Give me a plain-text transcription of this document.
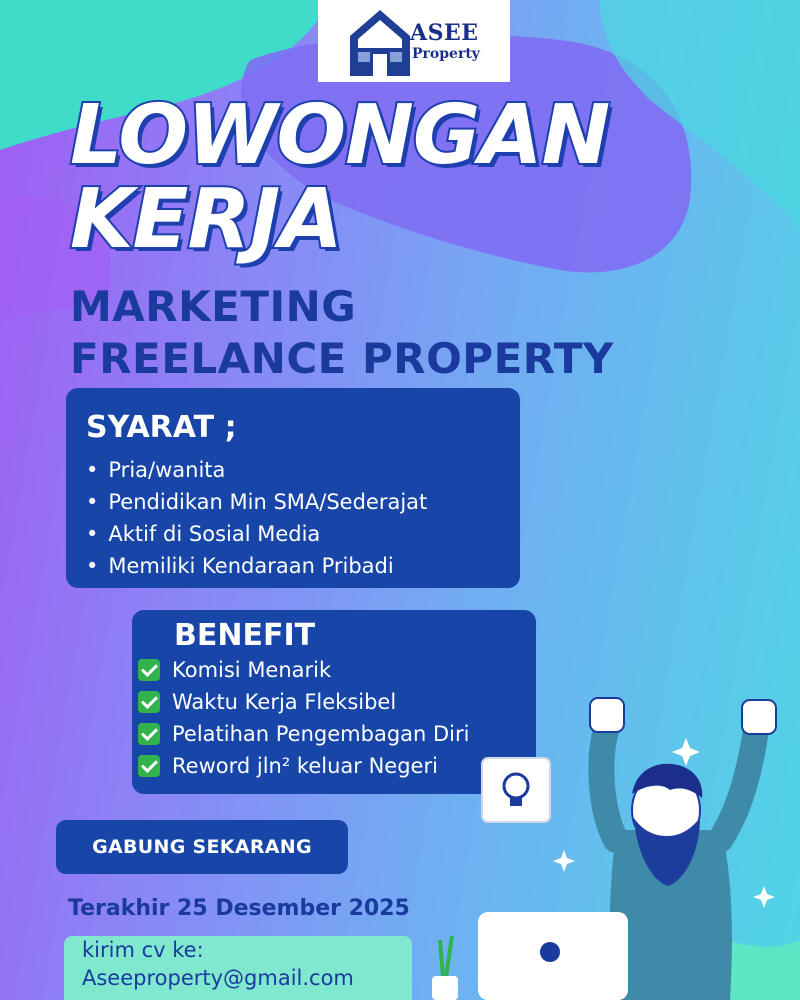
ASEE
Property
LOWONGAN
KERJA
MARKETING
FREELANCE PROPERTY
SYARAT ;
• Pria/wanita
• Pendidikan Min SMA/Sederajat
• Aktif di Sosial Media
• Memiliki Kendaraan Pribadi
BENEFIT
Komisi Menarik
Waktu Kerja Fleksibel
Pelatihan Pengembagan Diri
Reword jln² keluar Negeri
GABUNG SEKARANG
Terakhir 25 Desember 2025
kirim cv ke:
Aseeproperty@gmail.com
